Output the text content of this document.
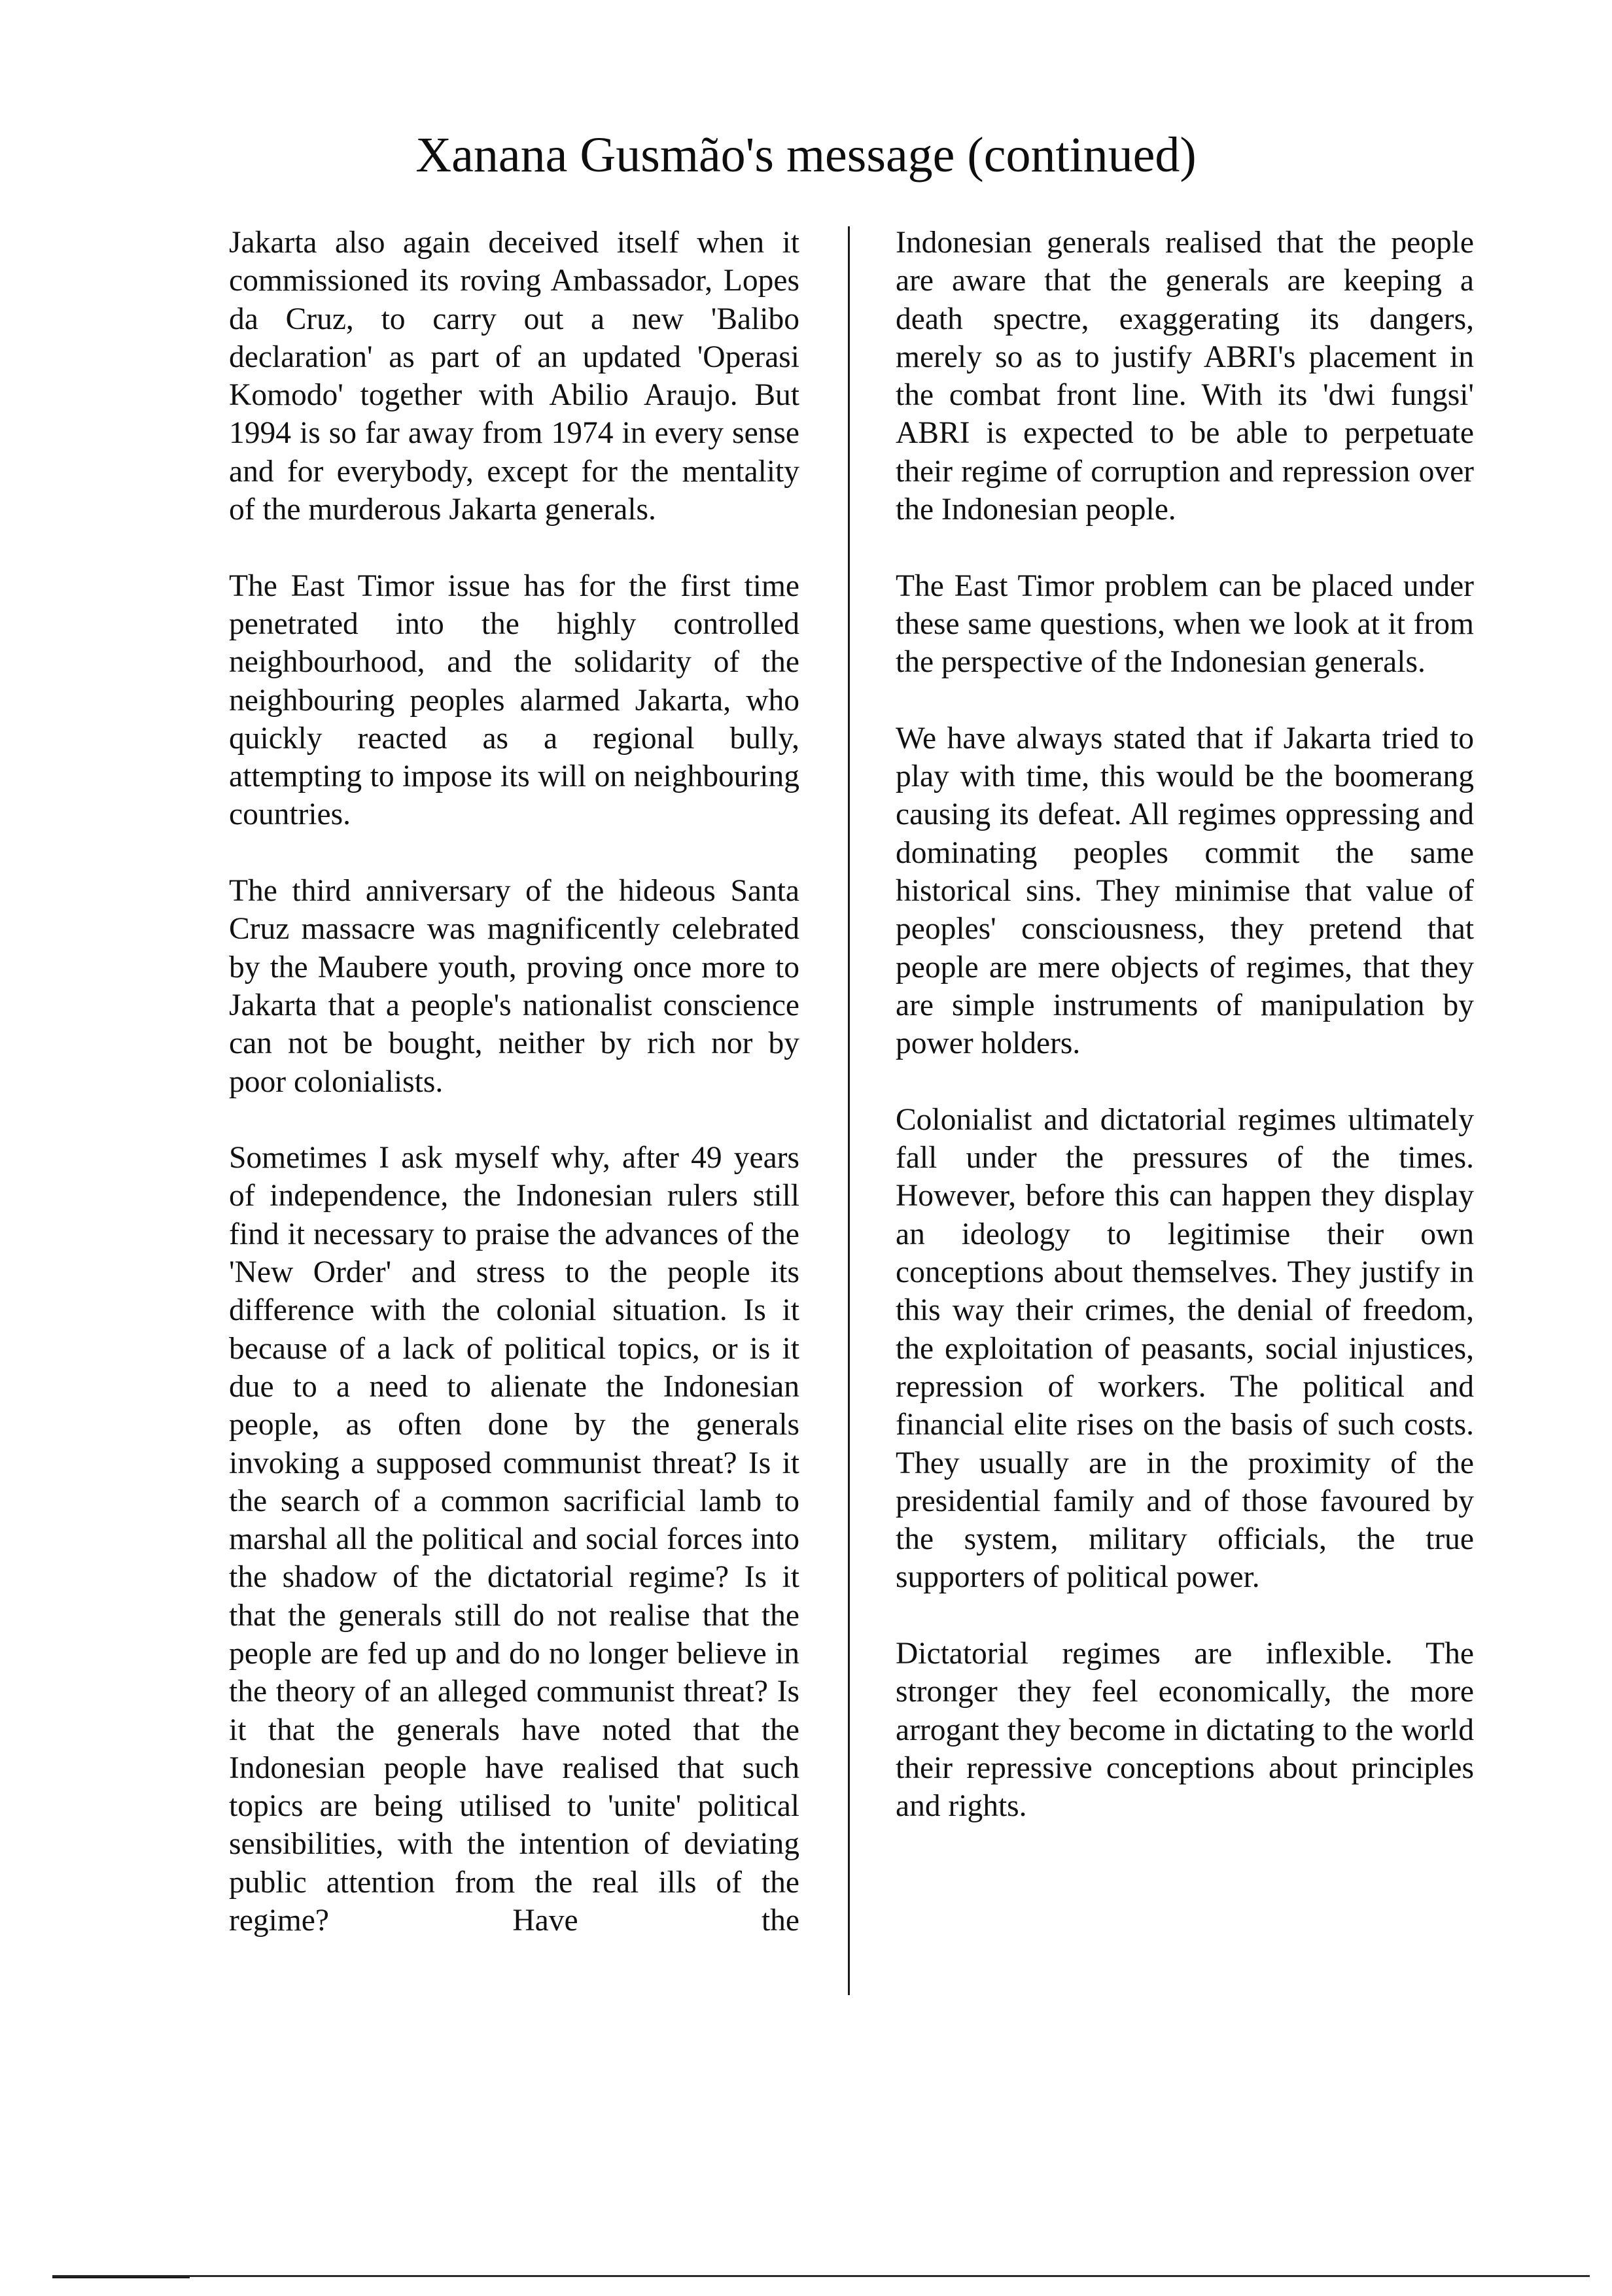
Xanana Gusmão's message (continued)

Jakarta also again deceived itself when it commissioned its roving Ambassador, Lopes da Cruz, to carry out a new 'Balibo declaration' as part of an updated 'Operasi Komodo' together with Abilio Araujo. But 1994 is so far away from 1974 in every sense and for everybody, except for the mentality of the murderous Jakarta generals.

The East Timor issue has for the first time penetrated into the highly controlled neighbourhood, and the solidarity of the neighbouring peoples alarmed Jakarta, who quickly reacted as a regional bully, attempting to impose its will on neighbouring countries.

The third anniversary of the hideous Santa Cruz massacre was magnificently celebrated by the Maubere youth, proving once more to Jakarta that a people's nationalist conscience can not be bought, neither by rich nor by poor colonialists.

Sometimes I ask myself why, after 49 years of independence, the Indonesian rulers still find it necessary to praise the advances of the 'New Order' and stress to the people its difference with the colonial situation. Is it because of a lack of political topics, or is it due to a need to alienate the Indonesian people, as often done by the generals invoking a supposed communist threat? Is it the search of a common sacrificial lamb to marshal all the political and social forces into the shadow of the dictatorial regime? Is it that the generals still do not realise that the people are fed up and do no longer believe in the theory of an alleged communist threat? Is it that the generals have noted that the Indonesian people have realised that such topics are being utilised to 'unite' political sensibilities, with the intention of deviating public attention from the real ills of the regime? Have the

Indonesian generals realised that the people are aware that the generals are keeping a death spectre, exaggerating its dangers, merely so as to justify ABRI's placement in the combat front line. With its 'dwi fungsi' ABRI is expected to be able to perpetuate their regime of corruption and repression over the Indonesian people.

The East Timor problem can be placed under these same questions, when we look at it from the perspective of the Indonesian generals.

We have always stated that if Jakarta tried to play with time, this would be the boomerang causing its defeat. All regimes oppressing and dominating peoples commit the same historical sins. They minimise that value of peoples' consciousness, they pretend that people are mere objects of regimes, that they are simple instruments of manipulation by power holders.

Colonialist and dictatorial regimes ultimately fall under the pressures of the times. However, before this can happen they display an ideology to legitimise their own conceptions about themselves. They justify in this way their crimes, the denial of freedom, the exploitation of peasants, social injustices, repression of workers. The political and financial elite rises on the basis of such costs. They usually are in the proximity of the presidential family and of those favoured by the system, military officials, the true supporters of political power.

Dictatorial regimes are inflexible. The stronger they feel economically, the more arrogant they become in dictating to the world their repressive conceptions about principles and rights.
